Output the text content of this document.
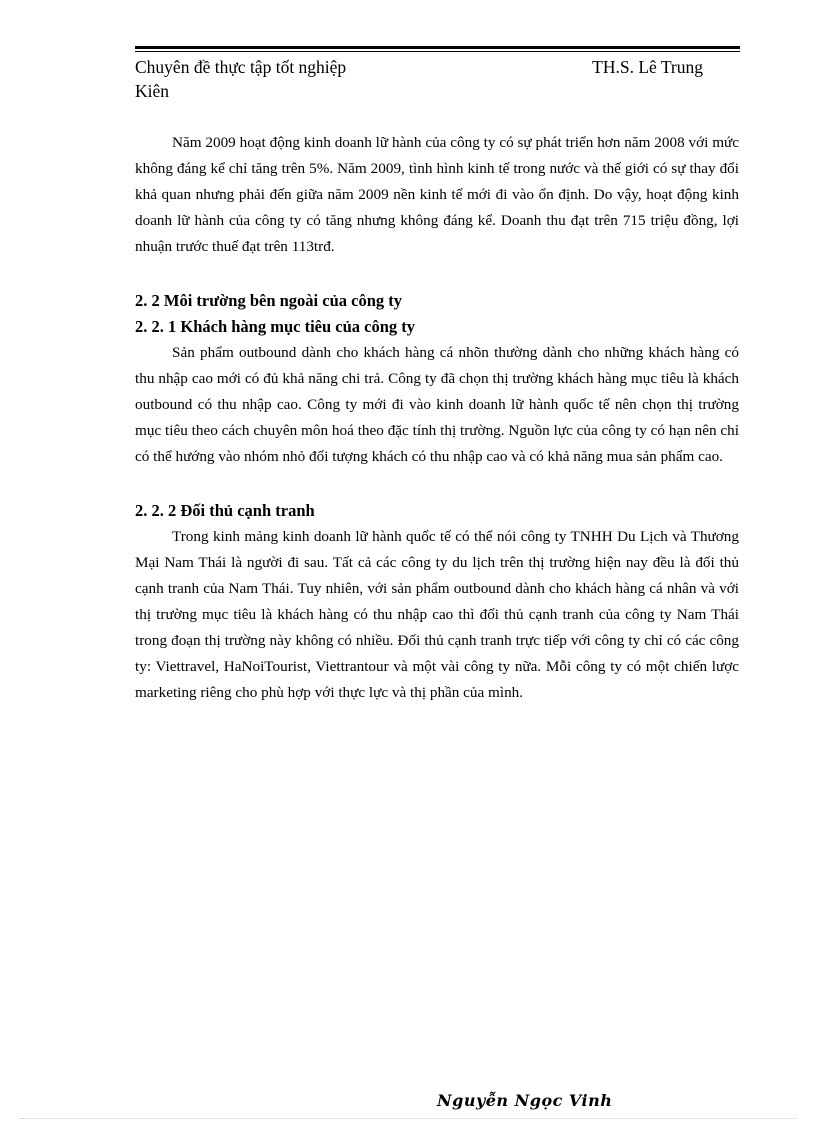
Chuyên đề thực tập tốt nghiệp	TH.S. Lê Trung
Kiên

Năm 2009 hoạt động kinh doanh lữ hành của công ty có sự phát triển hơn năm 2008 với mức không đáng kể chỉ tăng trên 5%. Năm 2009, tình hình kinh tế trong nước và thế giới có sự thay đổi khả quan nhưng phải đến giữa năm 2009 nền kinh tế mới đi vào ổn định. Do vậy, hoạt động kinh doanh lữ hành của công ty có tăng nhưng không đáng kể. Doanh thu đạt trên 715 triệu đồng, lợi nhuận trước thuế đạt trên 113trđ.

2. 2 Môi trường bên ngoài của công ty
2. 2. 1 Khách hàng mục tiêu của công ty

Sản phẩm outbound dành cho khách hàng cá nhõn thường dành cho những khách hàng có thu nhập cao mới có đủ khả năng chi trả. Công ty đã chọn thị trường khách hàng mục tiêu là khách outbound có thu nhập cao. Công ty mới đi vào kinh doanh lữ hành quốc tế nên chọn thị trường mục tiêu theo cách chuyên môn hoá theo đặc tính thị trường. Nguồn lực của công ty có hạn nên chỉ có thể hướng vào nhóm nhỏ đối tượng khách có thu nhập cao và có khả năng mua sản phẩm cao.

2. 2. 2 Đối thủ cạnh tranh

Trong kinh mảng kinh doanh lữ hành quốc tế có thể nói công ty TNHH Du Lịch và Thương Mại Nam Thái là người đi sau. Tất cả các công ty du lịch trên thị trường hiện nay đều là đối thủ cạnh tranh của Nam Thái. Tuy nhiên, với sản phẩm outbound dành cho khách hàng cá nhân và với thị trường mục tiêu là khách hàng có thu nhập cao thì đối thủ cạnh tranh của công ty Nam Thái trong đoạn thị trường này không có nhiều. Đối thủ cạnh tranh trực tiếp với công ty chỉ có các công ty: Viettravel, HaNoiTourist, Viettrantour và một vài công ty nữa. Mỗi công ty có một chiến lược marketing riêng cho phù hợp với thực lực và thị phần của mình.

Nguyễn Ngọc Vinh
